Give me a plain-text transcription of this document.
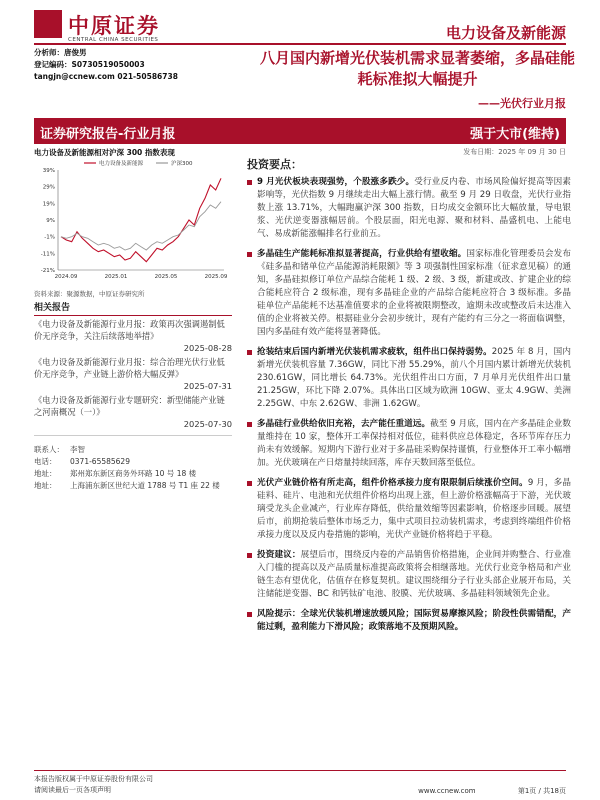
中原证券
CENTRAL CHINA SECURITIES	电力设备及新能源
分析师：唐俊男
登记编码：S0730519050003
tangjn@ccnew.com 021-50586738
八月国内新增光伏装机需求显著萎缩，多晶硅能耗标准拟大幅提升
——光伏行业月报
证券研究报告-行业月报	强于大市(维持)
电力设备及新能源相对沪深 300 指数表现	发布日期：2025 年 09 月 30 日
39%
29%
19%
9%
-1%
-11%
-21%
2024.09	2025.01	2025.05	2025.09
电力设备及新能源	沪深300
资料来源：聚源数据，中原证券研究所
相关报告
《电力设备及新能源行业月报：政策再次强调遏制低价无序竞争，关注后续落地举措》
2025-08-28
《电力设备及新能源行业月报：综合治理光伏行业低价无序竞争，产业链上游价格大幅反弹》
2025-07-31
《电力设备及新能源行业专题研究：新型储能产业链之河南概况（一）》
2025-07-30
联系人： 李智
电话：	0371-65585629
地址：	郑州郑东新区商务外环路 10 号 18 楼
地址：	上海浦东新区世纪大道 1788 号 T1 座 22 楼
投资要点：
9 月光伏板块表现强势，个股涨多跌少。受行业反内卷、市场风险偏好提高等因素影响等，光伏指数 9 月继续走出大幅上涨行情。截至 9 月 29 日收盘，光伏行业指数上涨 13.71%，大幅跑赢沪深 300 指数，日均成交金额环比大幅放量，导电银浆、光伏逆变器涨幅居前。个股层面，阳光电源、聚和材料、晶盛机电、上能电气、易成新能涨幅排名行业前五。
多晶硅生产能耗标准拟显著提高，行业供给有望收缩。国家标准化管理委员会发布《硅多晶和锗单位产品能源消耗限额》等 3 项强制性国家标准（征求意见稿）的通知，多晶硅拟修订单位产品综合能耗 1 级、2 级、3 级，新建或改、扩建企业的综合能耗应符合 2 级标准，现有多晶硅企业的产品综合能耗应符合 3 级标准。多晶硅单位产品能耗不达基准值要求的企业将被限期整改，逾期未改或整改后未达准入值的企业将被关停。根据硅业分会初步统计，现有产能约有三分之一将面临调整，国内多晶硅有效产能将显著降低。
抢装结束后国内新增光伏装机需求疲软，组件出口保持弱势。2025 年 8 月，国内新增光伏装机容量 7.36GW，同比下滑 55.29%，前八个月国内累计新增光伏装机 230.61GW，同比增长 64.73%。光伏组件出口方面，7 月单月光伏组件出口量 21.25GW，环比下降 2.07%。具体出口区域为欧洲 10GW、亚太 4.9GW、美洲 2.25GW、中东 2.62GW、非洲 1.62GW。
多晶硅行业供给依旧充裕，去产能任重道远。截至 9 月底，国内在产多晶硅企业数量维持在 10 家，整体开工率保持相对低位，硅料供应总体稳定，各环节库存压力尚未有效缓解。短期内下游行业对于多晶硅采购保持谨慎，行业整体开工率小幅增加。光伏玻璃在产日熔量持续回落，库存天数回落至低位。
光伏产业链价格有所走高，组件价格承接力度有限限制后续涨价空间。9 月，多晶硅料、硅片、电池和光伏组件价格均出现上涨，但上游价格涨幅高于下游，光伏玻璃受龙头企业减产，行业库存降低，供给量效缩等因素影响，价格逐步回暖。展望后市，前期抢装后整体市场乏力，集中式项目拉动装机需求，考虑到终端组件价格承接力度以及反内卷措施的影响，光伏产业链价格将趋于平稳。
投资建议：展望后市，围绕反内卷的产品销售价格措施，企业间并购整合、行业准入门槛的提高以及产品质量标准提高政策将会相继落地。光伏行业竞争格局和产业链生态有望优化，估值存在修复契机。建议围绕细分子行业头部企业展开布局，关注储能逆变器、BC 和钙钛矿电池、胶膜、光伏玻璃、多晶硅料领域领先企业。
风险提示：全球光伏装机增速放缓风险；国际贸易摩擦风险；阶段性供需错配，产能过剩，盈利能力下滑风险；政策落地不及预期风险。
本报告版权属于中原证券股份有限公司
请阅读最后一页各项声明	www.ccnew.com	第1页 / 共18页
